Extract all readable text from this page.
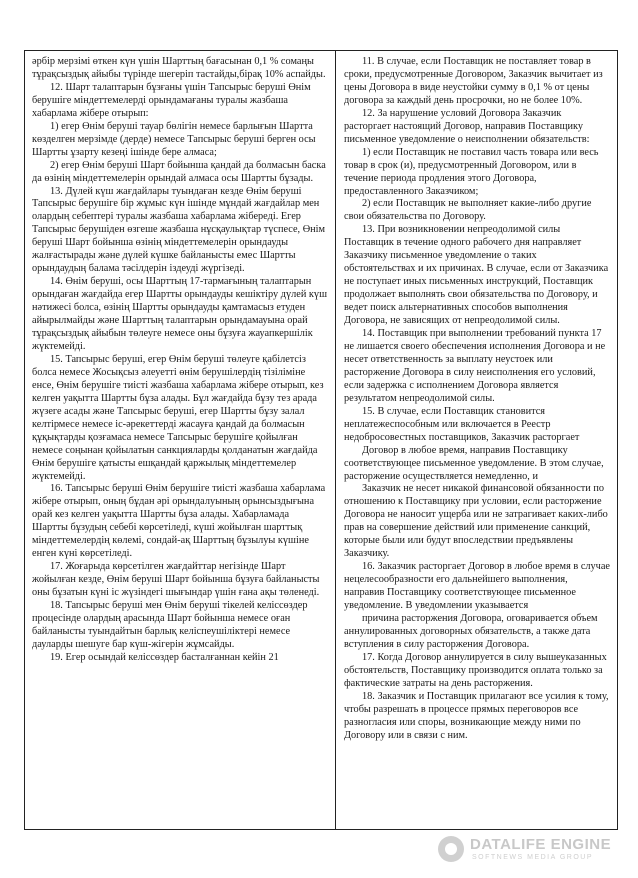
әрбір мерзімі өткен күн үшін Шарттың бағасынан 0,1 % сомаңы тұрақсыздық айыбы түрінде шегеріп тастайды,бірақ 10% аспайды.

12. Шарт талаптарын бұзғаны үшін Тапсырыс беруші Өнім берушіге міндеттемелерді орындамағаны туралы жазбаша хабарлама жібере отырып:

1) егер Өнім беруші тауар бөлігін немесе барлығын Шартта көзделген мерзімде (дерде) немесе Тапсырыс беруші берген осы Шартты ұзарту кезеңі ішінде бере алмаса;

2) егер Өнім беруші Шарт бойынша қандай да болмасын баска да өзінің міндеттемелерін орындай алмаса осы Шартты бұзады.

13. Дүлей күш жағдайлары туындаған кезде Өнім беруші Тапсырыс берушіге бір жұмыс күн ішінде мұндай жағдайлар мен олардың себептері туралы жазбаша хабарлама жібереді. Егер Тапсырыс берушіден өзгеше жазбаша нұсқаулықтар түспесе, Өнім беруші Шарт бойынша өзінің міндеттемелерін орындауды жалғастырады және дүлей күшке байланысты емес Шартты орындаудың балама тәсілдерін іздеуді жүргізеді.

14. Өнім беруші, осы Шарттың 17-тармағының талаптарын орындаған жағдайда егер Шартты орындауды кешіктіру дүлей күш нәтижесі болса, өзінің Шартты орындауды қамтамасыз етуден айырылмайды және Шарттың талаптарын орындамауына орай тұрақсыздық айыбын төлеуге немесе оны бұзуға жауапкершілік жүктемейді.

15. Тапсырыс беруші, егер Өнім беруші төлеуге қабілетсіз болса немесе Жосықсыз әлеуетті өнім берушілердің тізіліміне енсе, Өнім берушіге тиісті жазбаша хабарлама жібере отырып, кез келген уақытта Шартты бұза алады. Бұл жағдайда бұзу тез арада жүзеге асады және Тапсырыс беруші, егер Шартты бұзу залал келтірмесе немесе іс-әрекеттерді жасауға қандай да болмасын құқықтарды қозғамаса немесе Тапсырыс берушіге қойылған немесе соңынан қойылатын санкцияларды қолданатын жағдайда Өнім берушіге қатысты ешқандай қаржылық міндеттемелер жүктемейді.

16. Тапсырыс беруші Өнім берушіге тиісті жазбаша хабарлама жібере отырып, оның бұдан әрі орындалуының орынсыздығына орай кез келген уақытта Шартты бұза алады. Хабарламада Шартты бұзудың себебі көрсетіледі, күші жойылған шарттық міндеттемелердің көлемі, сондай-ақ Шарттың бұзылуы күшіне енген күні көрсетіледі.

17. Жоғарыда көрсетілген жағдайттар негізінде Шарт жойылған кезде, Өнім беруші Шарт бойынша бұзуға байланысты оны бұзатын күні іс жүзіндегі шығындар үшін ғана ақы төленеді.

18. Тапсырыс беруші мен Өнім беруші тікелей келіссөздер процесінде олардың арасында Шарт бойынша немесе оған байланысты туындайтын барлық келіспеушіліктері немесе дауларды шешуге бар күш-жігерін жұмсайды.

19. Егер осындай келіссөздер басталғаннан кейін 21

11. В случае, если Поставщик не поставляет товар в сроки, предусмотренные Договором, Заказчик вычитает из цены Договора в виде неустойки сумму в 0,1 % от цены договора за каждый день просрочки, но не более 10%.

12. За нарушение условий Договора Заказчик расторгает настоящий Договор, направив Поставщику письменное уведомление о неисполнении обязательств:

1) если Поставщик не поставил часть товара или весь товар в срок (и), предусмотренный Договором, или в течение периода продления этого Договора, предоставленного Заказчиком;

2) если Поставщик не выполняет какие-либо другие свои обязательства по Договору.

13. При возникновении непреодолимой силы Поставщик в течение одного рабочего дня направляет Заказчику письменное уведомление о таких обстоятельствах и их причинах. В случае, если от Заказчика не поступает иных письменных инструкций, Поставщик продолжает выполнять свои обязательства по Договору, и ведет поиск альтернативных способов выполнения Договора, не зависящих от непреодолимой силы.

14. Поставщик при выполнении требований пункта 17 не лишается своего обеспечения исполнения Договора и не несет ответственность за выплату неустоек или расторжение Договора в силу неисполнения его условий, если задержка с исполнением Договора является результатом непреодолимой силы.

15. В случае, если Поставщик становится неплатежеспособным или включается в Реестр недобросовестных поставщиков, Заказчик расторгает

Договор в любое время, направив Поставщику соответствующее письменное уведомление. В этом случае, расторжение осуществляется немедленно, и

Заказчик не несет никакой финансовой обязанности по отношению к Поставщику при условии, если расторжение Договора не наносит ущерба или не затрагивает каких-либо прав на совершение действий или применение санкций, которые были или будут впоследствии предъявлены Заказчику.

16. Заказчик расторгает Договор в любое время в случае нецелесообразности его дальнейшего выполнения, направив Поставщику соответствующее письменное уведомление. В уведомлении указывается

причина расторжения Договора, оговаривается объем аннулированных договорных обязательств, а также дата вступления в силу расторжения Договора.

17. Когда Договор аннулируется в силу вышеуказанных обстоятельств, Поставщику производится оплата только за фактические затраты на день расторжения.

18. Заказчик и Поставщик прилагают все усилия к тому, чтобы разрешать в процессе прямых переговоров все разногласия или споры, возникающие между ними по Договору или в связи с ним.

DATALIFE ENGINE
SOFTNEWS MEDIA GROUP
